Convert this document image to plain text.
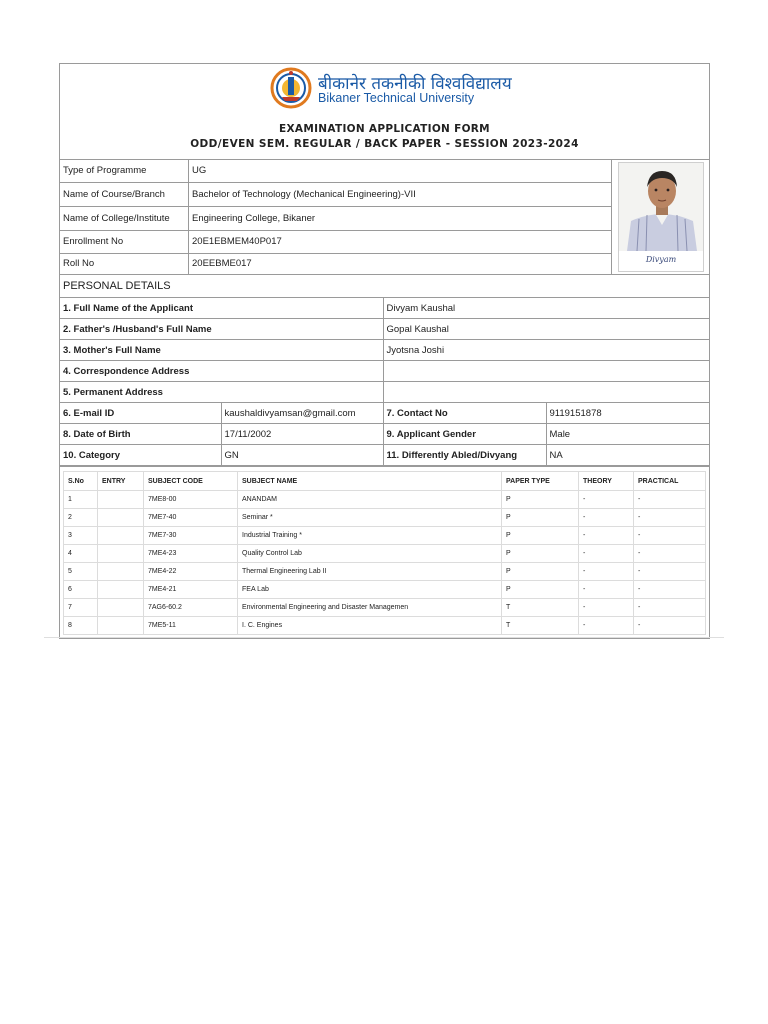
बीकानेर तकनीकी विश्वविद्यालय
Bikaner Technical University
EXAMINATION APPLICATION FORM
ODD/EVEN SEM. REGULAR / BACK PAPER - SESSION 2023-2024
Type of Programme	UG
Name of Course/Branch	Bachelor of Technology (Mechanical Engineering)-VII
Name of College/Institute	Engineering College, Bikaner
Enrollment No	20E1EBMEM40P017
Roll No	20EEBME017	Divyam
PERSONAL DETAILS
1. Full Name of the Applicant		Divyam Kaushal	
2. Father's /Husband's Full Name		Gopal Kaushal	
3. Mother's Full Name		Jyotsna Joshi	
4. Correspondence Address			
5. Permanent Address			
6. E-mail ID	kaushaldivyamsan@gmail.com	7. Contact No	9119151878
8. Date of Birth	17/11/2002	9. Applicant Gender	Male
10. Category	GN	11. Differently Abled/Divyang	NA
S.No	ENTRY	SUBJECT CODE	SUBJECT NAME	PAPER TYPE	THEORY	PRACTICAL
1		7ME8-00	ANANDAM	P	-	-
2		7ME7-40	Seminar *	P	-	-
3		7ME7-30	Industrial Training *	P	-	-
4		7ME4-23	Quality Control Lab	P	-	-
5		7ME4-22	Thermal Engineering Lab II	P	-	-
6		7ME4-21	FEA Lab	P	-	-
7		7AG6-60.2	Environmental Engineering and Disaster Managemen	T	-	-
8		7ME5-11	I. C. Engines	T	-	-
